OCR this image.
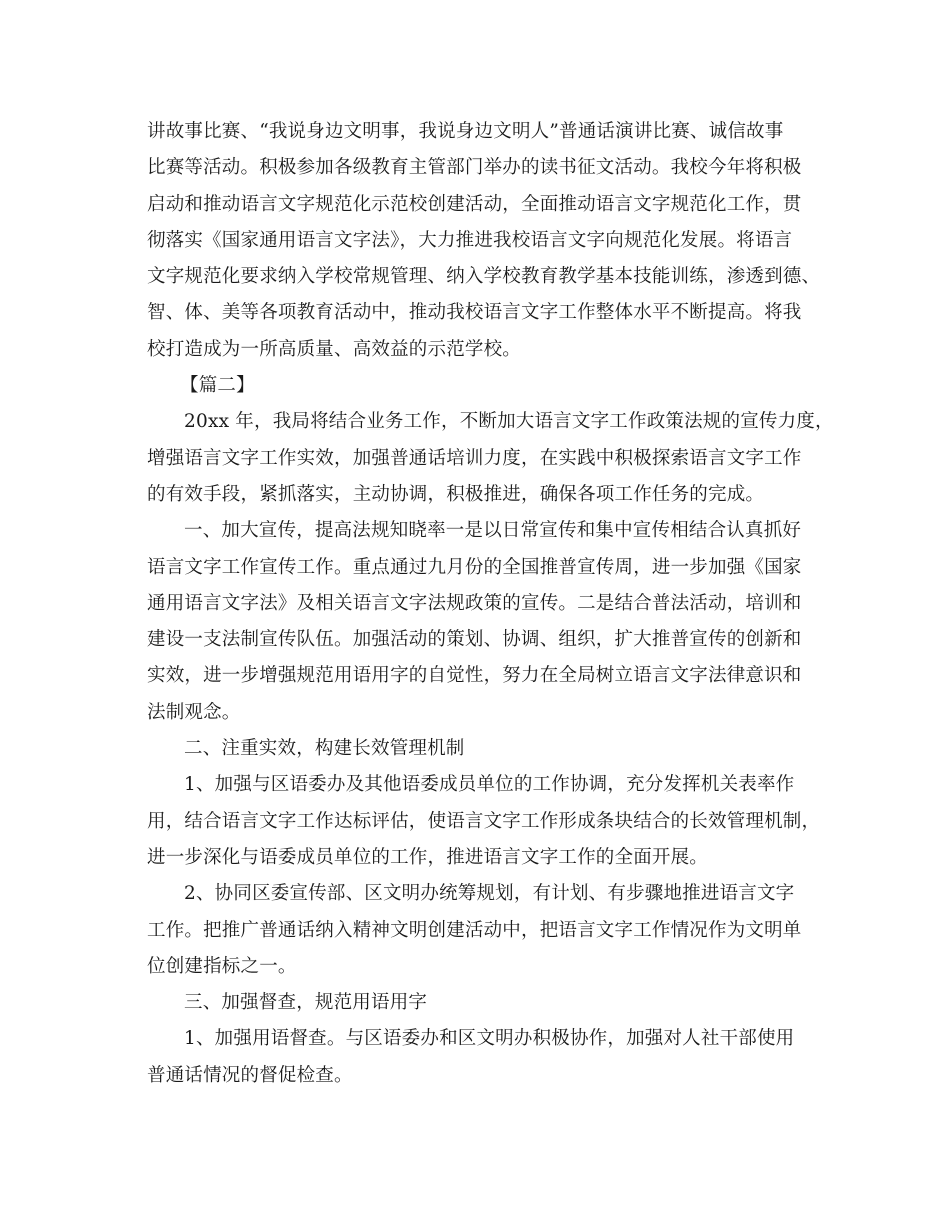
讲故事比赛、“我说身边文明事，我说身边文明人”普通话演讲比赛、诚信故事
比赛等活动。积极参加各级教育主管部门举办的读书征文活动。我校今年将积极
启动和推动语言文字规范化示范校创建活动，全面推动语言文字规范化工作，贯
彻落实《国家通用语言文字法》，大力推进我校语言文字向规范化发展。将语言
文字规范化要求纳入学校常规管理、纳入学校教育教学基本技能训练，渗透到德、
智、体、美等各项教育活动中，推动我校语言文字工作整体水平不断提高。将我
校打造成为一所高质量、高效益的示范学校。
【篇二】
20xx 年，我局将结合业务工作，不断加大语言文字工作政策法规的宣传力度，
增强语言文字工作实效，加强普通话培训力度，在实践中积极探索语言文字工作
的有效手段，紧抓落实，主动协调，积极推进，确保各项工作任务的完成。
一、加大宣传，提高法规知晓率一是以日常宣传和集中宣传相结合认真抓好
语言文字工作宣传工作。重点通过九月份的全国推普宣传周，进一步加强《国家
通用语言文字法》及相关语言文字法规政策的宣传。二是结合普法活动，培训和
建设一支法制宣传队伍。加强活动的策划、协调、组织，扩大推普宣传的创新和
实效，进一步增强规范用语用字的自觉性，努力在全局树立语言文字法律意识和
法制观念。
二、注重实效，构建长效管理机制
1、加强与区语委办及其他语委成员单位的工作协调，充分发挥机关表率作
用，结合语言文字工作达标评估，使语言文字工作形成条块结合的长效管理机制，
进一步深化与语委成员单位的工作，推进语言文字工作的全面开展。
2、协同区委宣传部、区文明办统筹规划，有计划、有步骤地推进语言文字
工作。把推广普通话纳入精神文明创建活动中，把语言文字工作情况作为文明单
位创建指标之一。
三、加强督查，规范用语用字
1、加强用语督查。与区语委办和区文明办积极协作，加强对人社干部使用
普通话情况的督促检查。
